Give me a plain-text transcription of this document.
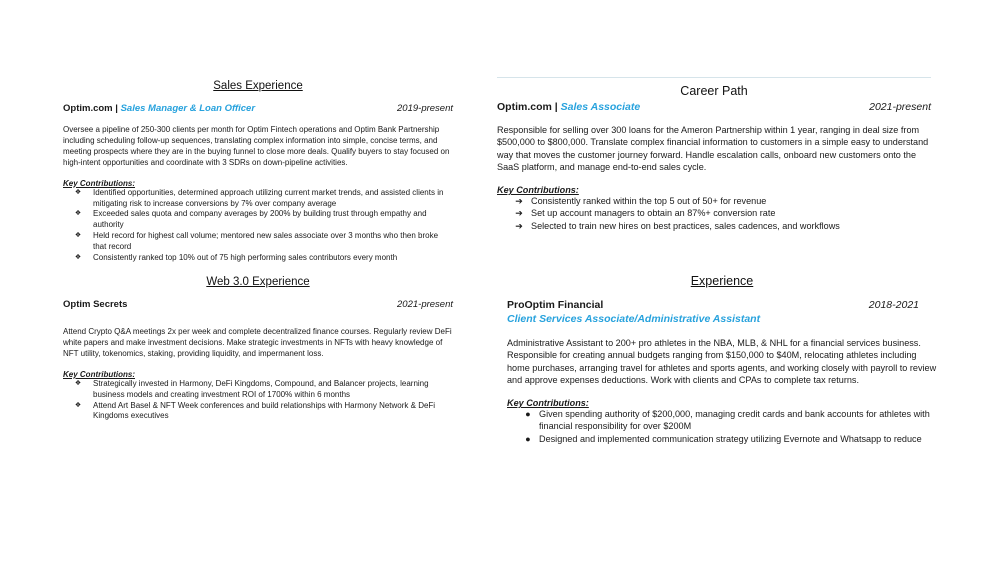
Sales Experience
Optim.com | Sales Manager & Loan Officer	2019-present

Oversee a pipeline of 250-300 clients per month for Optim Fintech operations and Optim Bank Partnership including scheduling follow-up sequences, translating complex information into simple, concise terms, and meeting prospects where they are in the buying funnel to close more deals. Qualify buyers to stay focused on high-intent opportunities and coordinate with 3 SDRs on down-pipeline activities.

Key Contributions:
❖	Identified opportunities, determined approach utilizing current market trends, and assisted clients in mitigating risk to increase conversions by 7% over company average
❖	Exceeded sales quota and company averages by 200% by building trust through empathy and authority
❖	Held record for highest call volume; mentored new sales associate over 3 months who then broke that record
❖	Consistently ranked top 10% out of 75 high performing sales contributors every month
Web 3.0 Experience
Optim Secrets	2021-present

Attend Crypto Q&A meetings 2x per week and complete decentralized finance courses. Regularly review DeFi white papers and make investment decisions. Make strategic investments in NFTs with heavy knowledge of NFT utility, tokenomics, staking, providing liquidity, and impermanent loss.

Key Contributions:
❖	Strategically invested in Harmony, DeFi Kingdoms, Compound, and Balancer projects, learning business models and creating investment ROI of 1700% within 6 months
❖	Attend Art Basel & NFT Week conferences and build relationships with Harmony Network & DeFi Kingdoms executives
Career Path
Optim.com | Sales Associate	2021-present

Responsible for selling over 300 loans for the Ameron Partnership within 1 year, ranging in deal size from $500,000 to $800,000. Translate complex financial information to customers in a simple easy to understand way that moves the customer journey forward. Handle escalation calls, onboard new customers onto the SaaS platform, and manage end-to-end sales cycle.

Key Contributions:
➔ Consistently ranked within the top 5 out of 50+ for revenue
➔ Set up account managers to obtain an 87%+ conversion rate
➔ Selected to train new hires on best practices, sales cadences, and workflows
Experience
ProOptim Financial	2018-2021
Client Services Associate/Administrative Assistant

Administrative Assistant to 200+ pro athletes in the NBA, MLB, & NHL for a financial services business. Responsible for creating annual budgets ranging from $150,000 to $40M, relocating athletes including home purchases, arranging travel for athletes and sports agents, and working closely with payroll to review and approve expenses deductions. Work with clients and CPAs to complete tax returns.

Key Contributions:
● Given spending authority of $200,000, managing credit cards and bank accounts for athletes with financial responsibility for over $200M
● Designed and implemented communication strategy utilizing Evernote and Whatsapp to reduce
